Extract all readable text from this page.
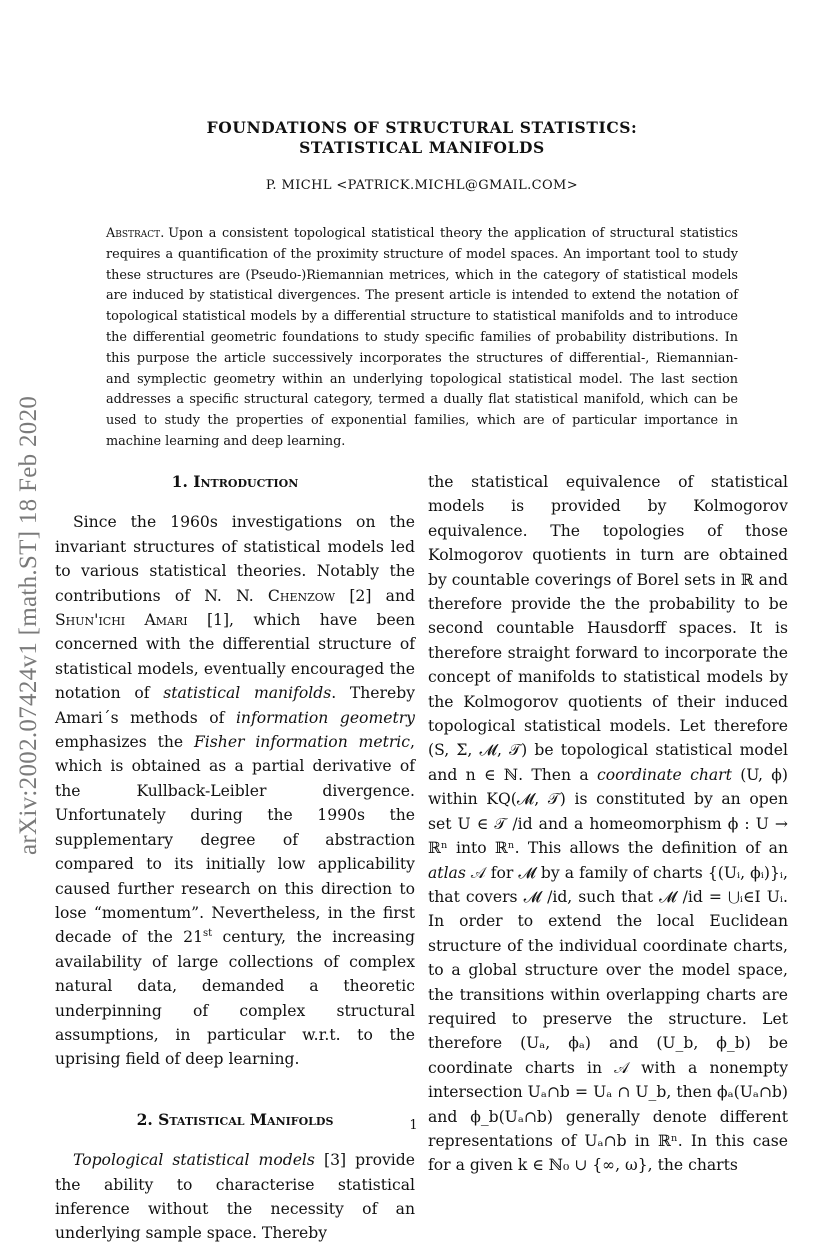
arXiv:2002.07424v1 [math.ST] 18 Feb 2020
FOUNDATIONS OF STRUCTURAL STATISTICS:
STATISTICAL MANIFOLDS
P. MICHL <PATRICK.MICHL@GMAIL.COM>
Abstract. Upon a consistent topological statistical theory the application of structural statistics requires a quantification of the proximity structure of model spaces. An important tool to study these structures are (Pseudo-)Riemannian metrices, which in the category of statistical models are induced by statistical divergences. The present article is intended to extend the notation of topological statistical models by a differential structure to statistical manifolds and to introduce the differential geometric foundations to study specific families of probability distributions. In this purpose the article successively incorporates the structures of differential-, Riemannian- and symplectic geometry within an underlying topological statistical model. The last section addresses a specific structural category, termed a dually flat statistical manifold, which can be used to study the properties of exponential families, which are of particular importance in machine learning and deep learning.
1. Introduction

Since the 1960s investigations on the invariant structures of statistical models led to various statistical theories. Notably the contributions of N. N. Chenzow [2] and Shun'ichi Amari [1], which have been concerned with the differential structure of statistical models, eventually encouraged the notation of statistical manifolds. Thereby Amari´s methods of information geometry emphasizes the Fisher information metric, which is obtained as a partial derivative of the Kullback-Leibler divergence. Unfortunately during the 1990s the supplementary degree of abstraction compared to its initially low applicability caused further research on this direction to lose “momentum”. Nevertheless, in the first decade of the 21st century, the increasing availability of large collections of complex natural data, demanded a theoretic underpinning of complex structural assumptions, in particular w.r.t. to the uprising field of deep learning.

2. Statistical Manifolds

Topological statistical models [3] provide the ability to characterise statistical inference without the necessity of an underlying sample space. Thereby

the statistical equivalence of statistical models is provided by Kolmogorov equivalence. The topologies of those Kolmogorov quotients in turn are obtained by countable coverings of Borel sets in ℝ and therefore provide the the probability to be second countable Hausdorff spaces. It is therefore straight forward to incorporate the concept of manifolds to statistical models by the Kolmogorov quotients of their induced topological statistical models. Let therefore (S, Σ, 𝓜, 𝒯) be topological statistical model and n ∈ ℕ. Then a coordinate chart (U, ϕ) within KQ(𝓜, 𝒯) is constituted by an open set U ∈ 𝒯 /id and a homeomorphism ϕ : U → ℝⁿ into ℝⁿ. This allows the definition of an atlas 𝒜 for 𝓜 by a family of charts {(Uᵢ, ϕᵢ)}ᵢ, that covers 𝓜 /id, such that 𝓜 /id = ⋃ᵢ∈I Uᵢ. In order to extend the local Euclidean structure of the individual coordinate charts, to a global structure over the model space, the transitions within overlapping charts are required to preserve the structure. Let therefore (Uₐ, ϕₐ) and (U_b, ϕ_b) be coordinate charts in 𝒜 with a nonempty intersection Uₐ∩b = Uₐ ∩ U_b, then ϕₐ(Uₐ∩b) and ϕ_b(Uₐ∩b) generally denote different representations of Uₐ∩b in ℝⁿ. In this case for a given k ∈ ℕ₀ ∪ {∞, ω}, the charts

1
